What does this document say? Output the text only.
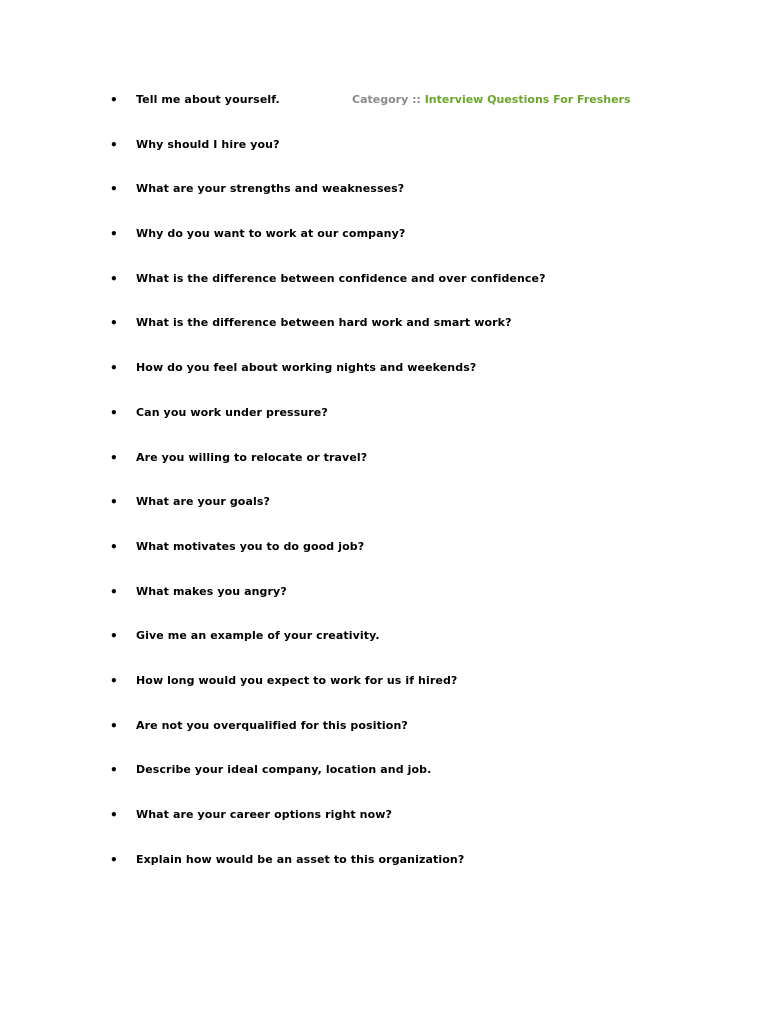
• Tell me about yourself.	Category :: Interview Questions For Freshers
• Why should I hire you?
• What are your strengths and weaknesses?
• Why do you want to work at our company?
• What is the difference between confidence and over confidence?
• What is the difference between hard work and smart work?
• How do you feel about working nights and weekends?
• Can you work under pressure?
• Are you willing to relocate or travel?
• What are your goals?
• What motivates you to do good job?
• What makes you angry?
• Give me an example of your creativity.
• How long would you expect to work for us if hired?
• Are not you overqualified for this position?
• Describe your ideal company, location and job.
• What are your career options right now?
• Explain how would be an asset to this organization?
